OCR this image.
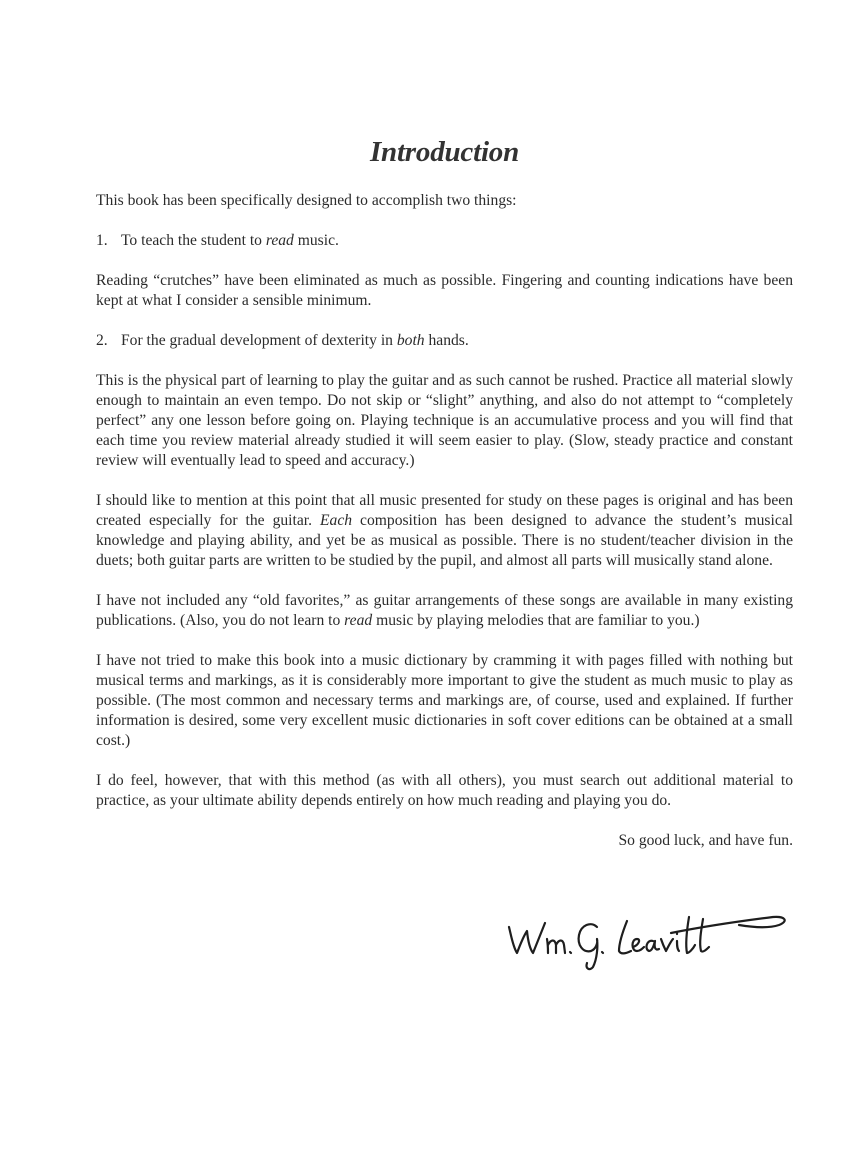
Introduction

This book has been specifically designed to accomplish two things:

1. To teach the student to read music.

Reading “crutches” have been eliminated as much as possible. Fingering and counting indications have been kept at what I consider a sensible minimum.

2. For the gradual development of dexterity in both hands.

This is the physical part of learning to play the guitar and as such cannot be rushed. Practice all material slowly enough to maintain an even tempo. Do not skip or “slight” anything, and also do not attempt to “completely perfect” any one lesson before going on. Playing technique is an accumulative process and you will find that each time you review material already studied it will seem easier to play. (Slow, steady practice and constant review will eventually lead to speed and accuracy.)

I should like to mention at this point that all music presented for study on these pages is original and has been created especially for the guitar. Each composition has been designed to advance the student’s musical knowledge and playing ability, and yet be as musical as possible. There is no student/teacher division in the duets; both guitar parts are written to be studied by the pupil, and almost all parts will musically stand alone.

I have not included any “old favorites,” as guitar arrangements of these songs are available in many existing publications. (Also, you do not learn to read music by playing melodies that are familiar to you.)

I have not tried to make this book into a music dictionary by cramming it with pages filled with nothing but musical terms and markings, as it is considerably more important to give the student as much music to play as possible. (The most common and necessary terms and markings are, of course, used and explained. If further information is desired, some very excellent music dictionaries in soft cover editions can be obtained at a small cost.)

I do feel, however, that with this method (as with all others), you must search out additional material to practice, as your ultimate ability depends entirely on how much reading and playing you do.

So good luck, and have fun.
